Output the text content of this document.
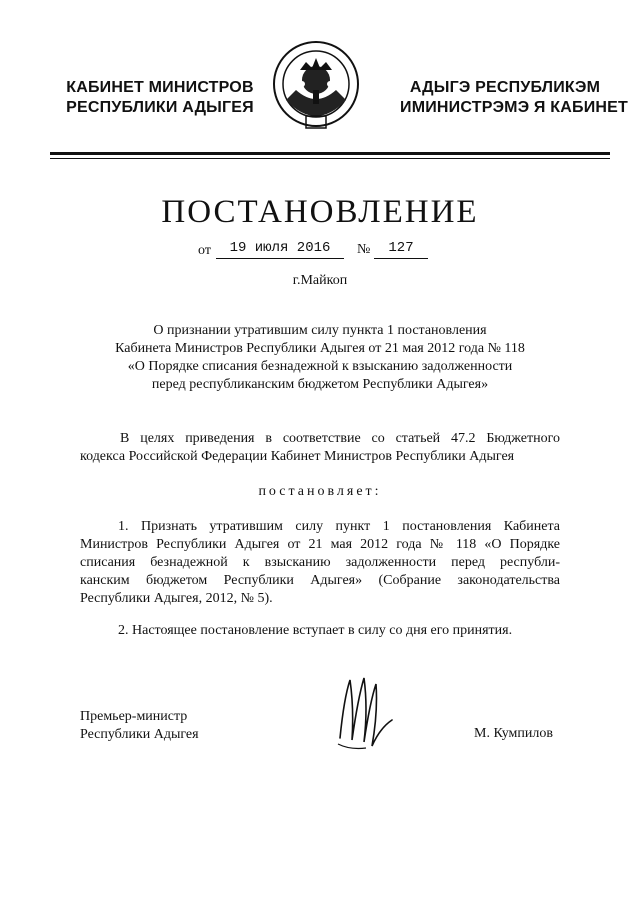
КАБИНЕТ МИНИСТРОВ
РЕСПУБЛИКИ АДЫГЕЯ
АДЫГЭ РЕСПУБЛИКЭМ
ИМИНИСТРЭМЭ Я КАБИНЕТ
ПОСТАНОВЛЕНИЕ
от	19 июля 2016	№	127
г.Майкоп
О признании утратившим силу пункта 1 постановления
Кабинета Министров Республики Адыгея от 21 мая 2012 года № 118
«О Порядке списания безнадежной к взысканию задолженности
перед республиканским бюджетом Республики Адыгея»
В целях приведения в соответствие со статьей 47.2 Бюджетного
кодекса Российской Федерации Кабинет Министров Республики Адыгея
постановляет:
1. Признать утратившим силу пункт 1 постановления Кабинета
Министров Республики Адыгея от 21 мая 2012 года № 118 «О Порядке
списания безнадежной к взысканию задолженности перед республи-
канским бюджетом Республики Адыгея» (Собрание законодательства
Республики Адыгея, 2012, № 5).
2. Настоящее постановление вступает в силу со дня его принятия.
Премьер-министр
Республики Адыгея	М. Кумпилов
